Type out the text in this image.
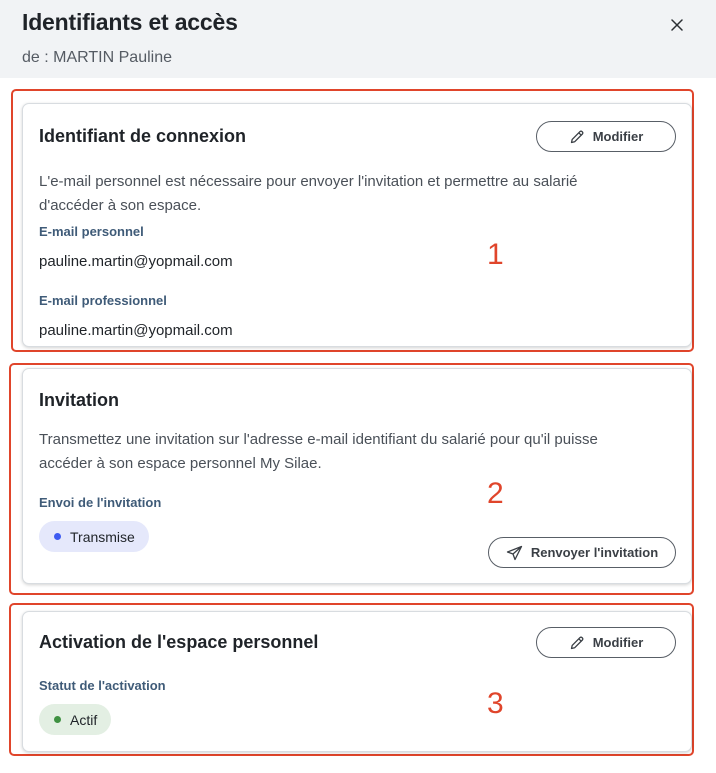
Identifiants et accès
de : MARTIN Pauline
Identifiant de connexion	Modifier
L'e-mail personnel est nécessaire pour envoyer l'invitation et permettre au salarié
d'accéder à son espace.
E-mail personnel
pauline.martin@yopmail.com
E-mail professionnel
pauline.martin@yopmail.com
1
Invitation
Transmettez une invitation sur l'adresse e-mail identifiant du salarié pour qu'il puisse
accéder à son espace personnel My Silae.
Envoi de l'invitation
Transmise
Renvoyer l'invitation
2
Activation de l'espace personnel	Modifier
Statut de l'activation
Actif	3
